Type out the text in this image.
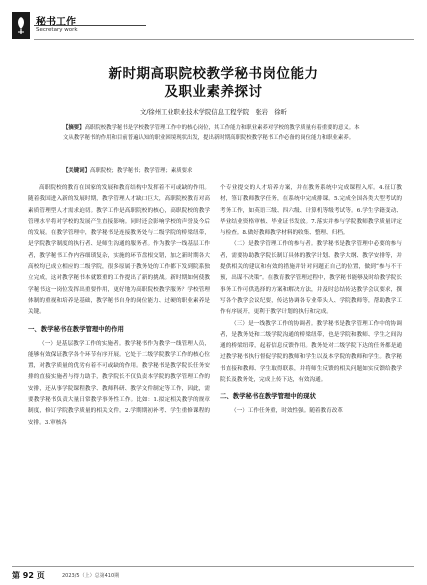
秘书工作
Secretary work
新时期高职院校教学秘书岗位能力
及职业素养探讨
文/徐州工业职业技术学院信息工程学院　张岩　徐昕
【摘要】高职院校教学秘书是学校教学管理工作中的核心岗位，其工作能力和职业素养对学校的教学质量有着重要的意义。本文从教学秘书的作用和目前普遍认知的职业困境现状出发，提出新时期高职院校教学秘书工作必备的岗位能力和职业素养。
【关键词】高职院校；教学秘书；教学管理；素质要求

高职院校的教育在国家的发展和教育结构中发挥着不可或缺的作用。随着我国进入新的发展时期，教学管理人才缺口巨大，高职院校教育对高素质管理型人才需求迫切。教学工作是高职院校的核心，高职院校的教学管理水平将对学校的发展产生直接影响。同时还会影响学校的声誉及今后的发展。在教学管理中，教学秘书是连接教务处与二级学院的桥梁纽带，是学院教学制度的执行者、是师生沟通的服务者。作为教学一线基层工作者，教学秘书工作内容细琐复杂，实施的环节盘根交错，加之新时期各大高校均已成立相应的二级学院，很多原属于教务处的工作都下发到院系独立完成，这对教学秘书本就繁重的工作提出了新的挑战。新时期如何使教学秘书这一岗位发挥出重要作用，更好地为高职院校教学服务？学校管理体制的重视和培养是基础，教学秘书自身的岗位能力、过硬的职业素养是关键。

一、教学秘书在教学管理中的作用

（一）是基层教学工作的实施者。教学秘书作为教学一线管理人员，能够有效保证教学各个环节有序开展。它处于二级学院教学工作的核心位置，对教学质量的优劣有着不可或缺的作用。教学秘书是教学院长任务安排的直接实施者与得力助手，教学院长不仅负责本学院的教学管理工作的安排，还从事学院课程教学、教师科研、教学文件制定等工作，因此，需要教学秘书负责大量日常教学事务性工作。比如：1.拟定相关教学的规章制度，修订学院教学质量的相关文件。2.学期期初补考、学生重修课程的安排。3.审核各

个专业提交的人才培养方案，并在教务系统中完成课程入库。4.征订教材，签订教师教学任务，在系统中完成排课。5.完成全国各类大型考试的考务工作，如英语三级、四六级、计算机等级考试等。6.学生学籍变动、毕业结业资格审核、毕业证书发放。7.落实并参与学院教师教学质量评定与检查。8.做好教师教学材料的收集、整理、归档。

（二）是教学管理工作的参与者。教学秘书是教学管理中必要的参与者，需要协助教学院长制订具体的教学计划、教学大纲、教学安排等，并提供相关的建议和有效的措施并针对问题正自己的位置，做到“参与不干预，出谋不决策”。在教育教学管理过程中，教学秘书能够及时给教学院长事务工作可供选择的方案和解决方法，并及时总结传达教学会议要求，撰写各个教学会议纪要，传达协调各专业带头人、学院教师等，帮助教学工作有序展开，更利于教学计划的执行和完成。

（三）是一线教学工作的协调者。教学秘书是教学管理工作中的协调者，是教务处和二级学院沟通的桥梁纽带，也是学院和教师、学生之间沟通的桥梁纽带，起着信息反馈作用。教务处对二级学院下达的任务都是通过教学秘书执行督促学院的教师和学生以及本学院的教师和学生。教学秘书直接和教师、学生取得联系，并将师生反馈的相关问题如实反馈给教学院长及教务处，完成上传下达，有效沟通。

二、教学秘书在教学管理中的现状

（一）工作任务重，时效性强。随着教育改革

第 92 页	2023/5（上）总第410期
